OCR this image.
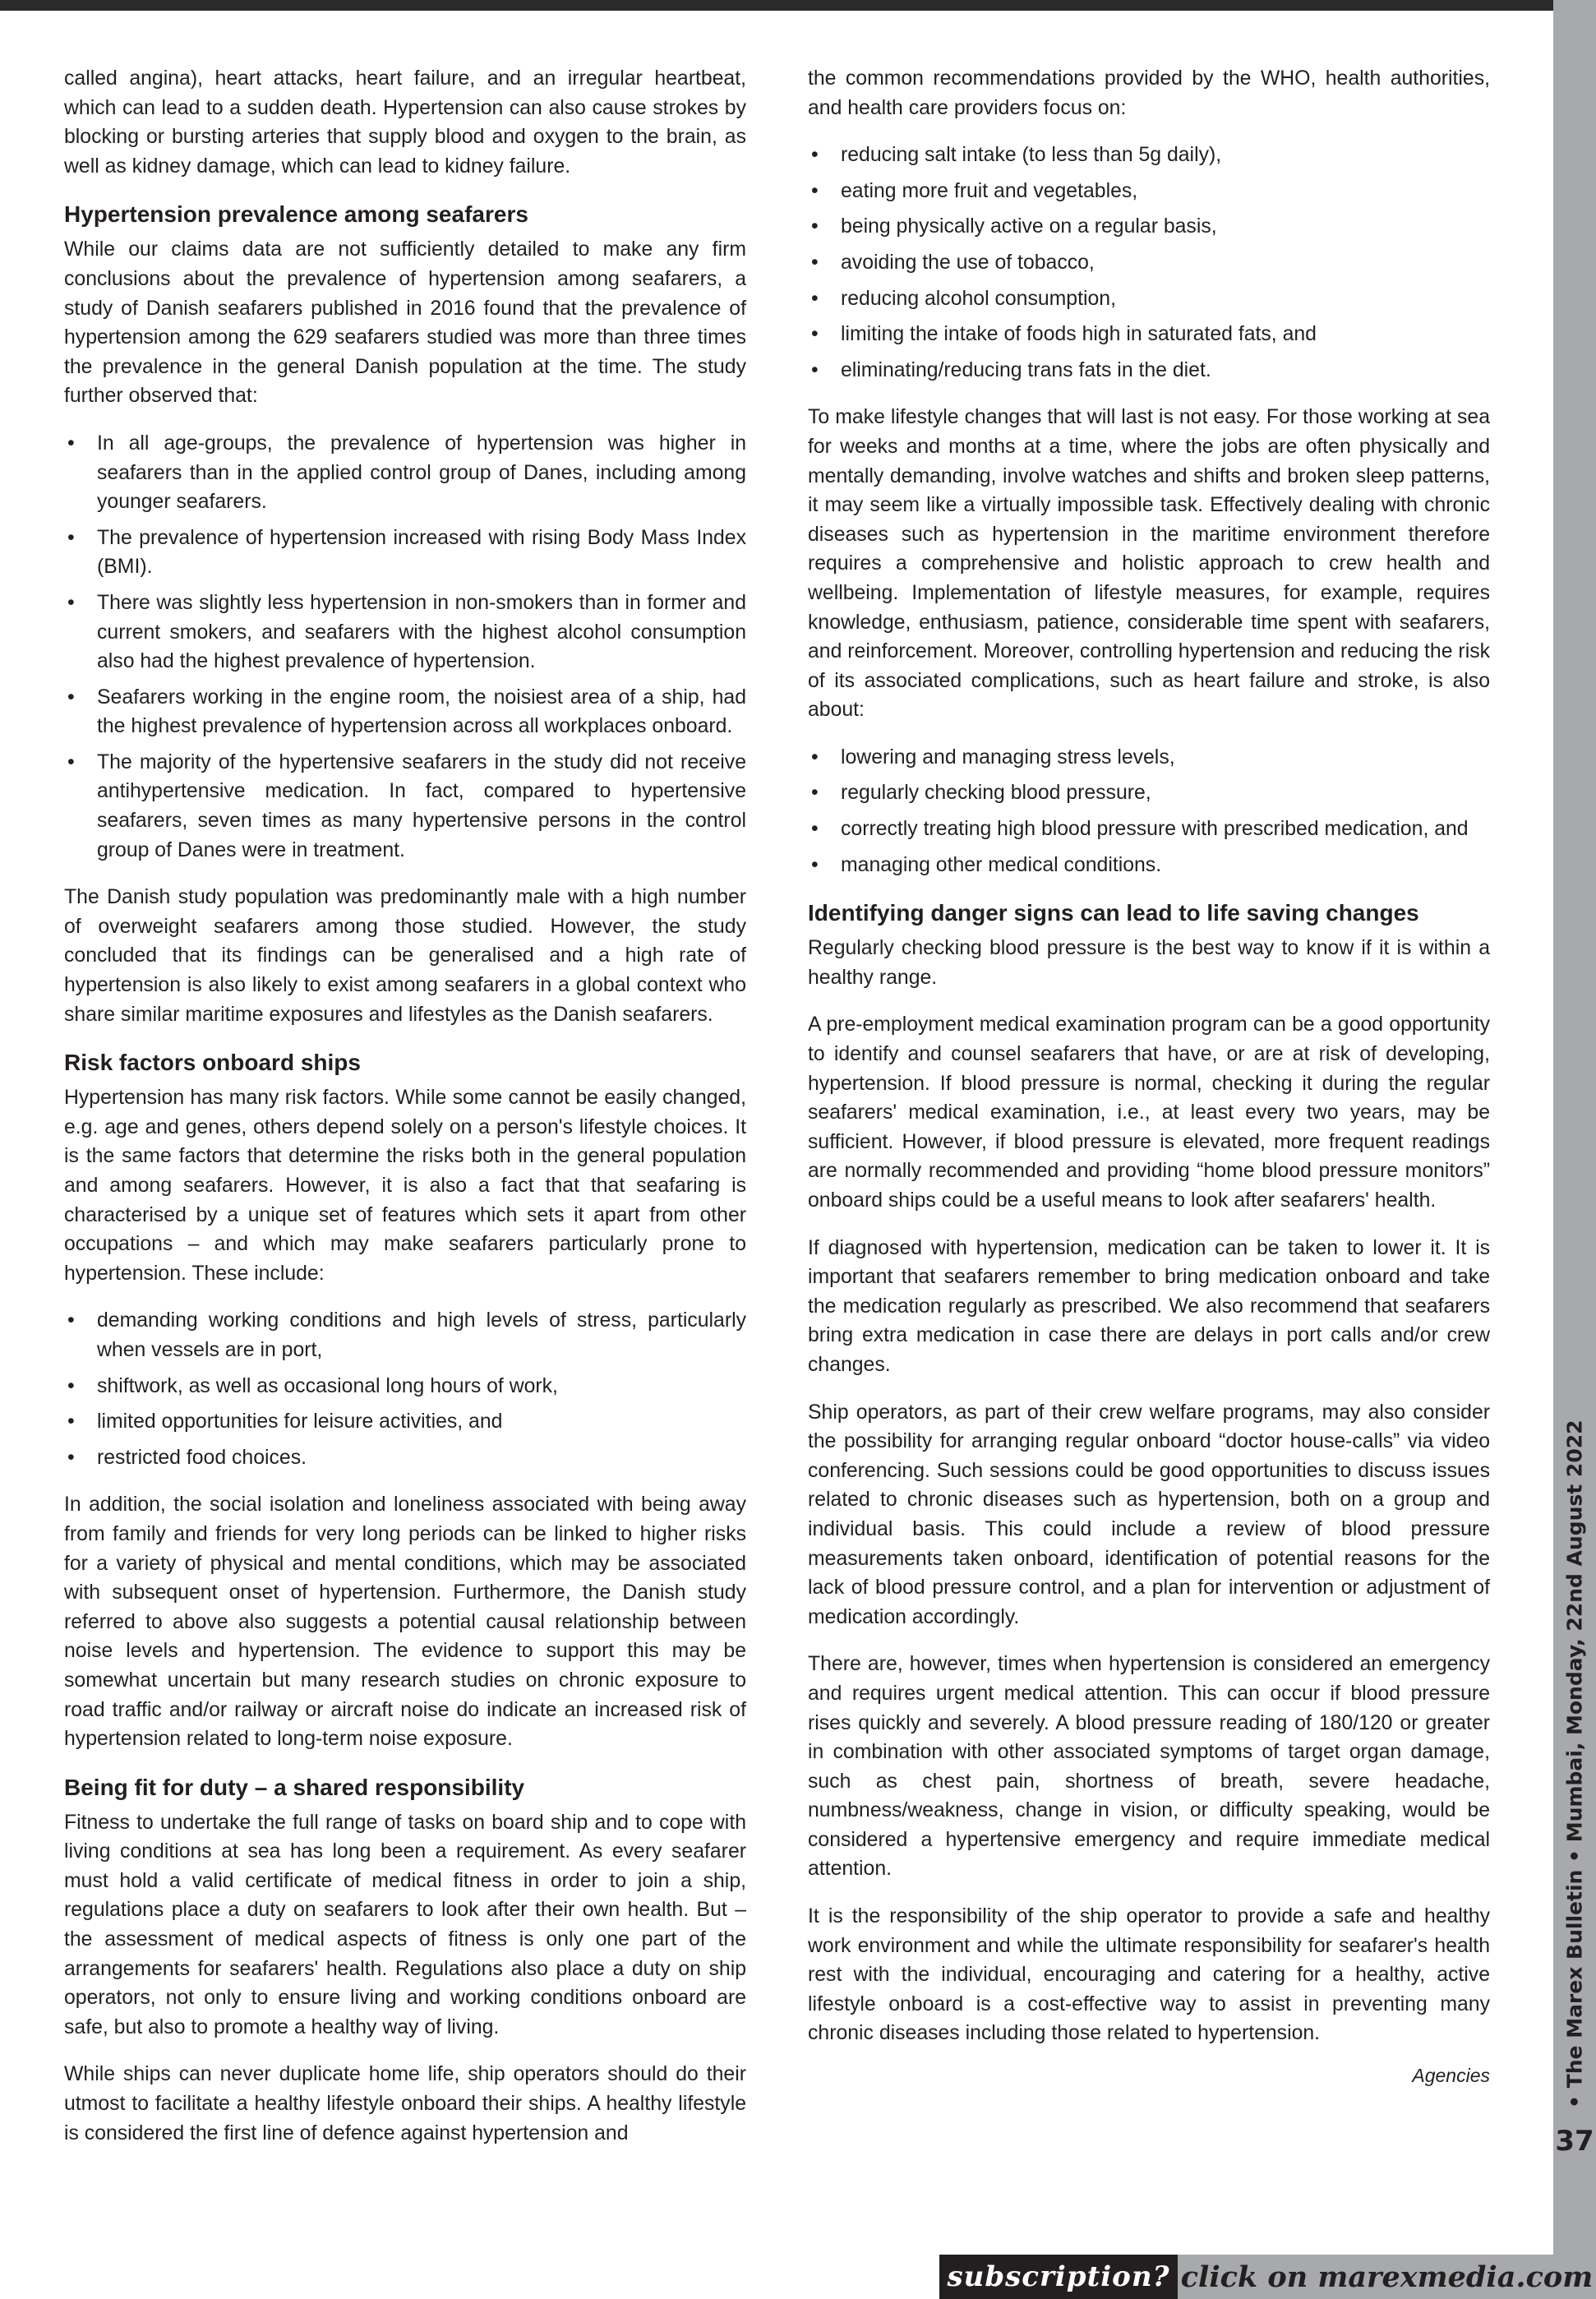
called angina), heart attacks, heart failure, and an irregular heartbeat, which can lead to a sudden death. Hypertension can also cause strokes by blocking or bursting arteries that supply blood and oxygen to the brain, as well as kidney damage, which can lead to kidney failure.

Hypertension prevalence among seafarers

While our claims data are not sufficiently detailed to make any firm conclusions about the prevalence of hypertension among seafarers, a study of Danish seafarers published in 2016 found that the prevalence of hypertension among the 629 seafarers studied was more than three times the prevalence in the general Danish population at the time. The study further observed that:

• In all age-groups, the prevalence of hypertension was higher in seafarers than in the applied control group of Danes, including among younger seafarers.
• The prevalence of hypertension increased with rising Body Mass Index (BMI).
• There was slightly less hypertension in non-smokers than in former and current smokers, and seafarers with the highest alcohol consumption also had the highest prevalence of hypertension.
• Seafarers working in the engine room, the noisiest area of a ship, had the highest prevalence of hypertension across all workplaces onboard.
• The majority of the hypertensive seafarers in the study did not receive antihypertensive medication. In fact, compared to hypertensive seafarers, seven times as many hypertensive persons in the control group of Danes were in treatment.

The Danish study population was predominantly male with a high number of overweight seafarers among those studied. However, the study concluded that its findings can be generalised and a high rate of hypertension is also likely to exist among seafarers in a global context who share similar maritime exposures and lifestyles as the Danish seafarers.

Risk factors onboard ships

Hypertension has many risk factors. While some cannot be easily changed, e.g. age and genes, others depend solely on a person's lifestyle choices. It is the same factors that determine the risks both in the general population and among seafarers. However, it is also a fact that that seafaring is characterised by a unique set of features which sets it apart from other occupations – and which may make seafarers particularly prone to hypertension. These include:

• demanding working conditions and high levels of stress, particularly when vessels are in port,
• shiftwork, as well as occasional long hours of work,
• limited opportunities for leisure activities, and
• restricted food choices.

In addition, the social isolation and loneliness associated with being away from family and friends for very long periods can be linked to higher risks for a variety of physical and mental conditions, which may be associated with subsequent onset of hypertension. Furthermore, the Danish study referred to above also suggests a potential causal relationship between noise levels and hypertension. The evidence to support this may be somewhat uncertain but many research studies on chronic exposure to road traffic and/or railway or aircraft noise do indicate an increased risk of hypertension related to long-term noise exposure.

Being fit for duty – a shared responsibility

Fitness to undertake the full range of tasks on board ship and to cope with living conditions at sea has long been a requirement. As every seafarer must hold a valid certificate of medical fitness in order to join a ship, regulations place a duty on seafarers to look after their own health. But – the assessment of medical aspects of fitness is only one part of the arrangements for seafarers' health. Regulations also place a duty on ship operators, not only to ensure living and working conditions onboard are safe, but also to promote a healthy way of living.

While ships can never duplicate home life, ship operators should do their utmost to facilitate a healthy lifestyle onboard their ships. A healthy lifestyle is considered the first line of defence against hypertension and

the common recommendations provided by the WHO, health authorities, and health care providers focus on:

• reducing salt intake (to less than 5g daily),
• eating more fruit and vegetables,
• being physically active on a regular basis,
• avoiding the use of tobacco,
• reducing alcohol consumption,
• limiting the intake of foods high in saturated fats, and
• eliminating/reducing trans fats in the diet.

To make lifestyle changes that will last is not easy. For those working at sea for weeks and months at a time, where the jobs are often physically and mentally demanding, involve watches and shifts and broken sleep patterns, it may seem like a virtually impossible task. Effectively dealing with chronic diseases such as hypertension in the maritime environment therefore requires a comprehensive and holistic approach to crew health and wellbeing. Implementation of lifestyle measures, for example, requires knowledge, enthusiasm, patience, considerable time spent with seafarers, and reinforcement. Moreover, controlling hypertension and reducing the risk of its associated complications, such as heart failure and stroke, is also about:

• lowering and managing stress levels,
• regularly checking blood pressure,
• correctly treating high blood pressure with prescribed medication, and
• managing other medical conditions.
Identifying danger signs can lead to life saving changes

Regularly checking blood pressure is the best way to know if it is within a healthy range.

A pre-employment medical examination program can be a good opportunity to identify and counsel seafarers that have, or are at risk of developing, hypertension. If blood pressure is normal, checking it during the regular seafarers' medical examination, i.e., at least every two years, may be sufficient. However, if blood pressure is elevated, more frequent readings are normally recommended and providing “home blood pressure monitors” onboard ships could be a useful means to look after seafarers' health.

If diagnosed with hypertension, medication can be taken to lower it. It is important that seafarers remember to bring medication onboard and take the medication regularly as prescribed. We also recommend that seafarers bring extra medication in case there are delays in port calls and/or crew changes.

Ship operators, as part of their crew welfare programs, may also consider the possibility for arranging regular onboard “doctor house-calls” via video conferencing. Such sessions could be good opportunities to discuss issues related to chronic diseases such as hypertension, both on a group and individual basis. This could include a review of blood pressure measurements taken onboard, identification of potential reasons for the lack of blood pressure control, and a plan for intervention or adjustment of medication accordingly.

There are, however, times when hypertension is considered an emergency and requires urgent medical attention. This can occur if blood pressure rises quickly and severely. A blood pressure reading of 180/120 or greater in combination with other associated symptoms of target organ damage, such as chest pain, shortness of breath, severe headache, numbness/weakness, change in vision, or difficulty speaking, would be considered a hypertensive emergency and require immediate medical attention.

It is the responsibility of the ship operator to provide a safe and healthy work environment and while the ultimate responsibility for seafarer's health rest with the individual, encouraging and catering for a healthy, active lifestyle onboard is a cost-effective way to assist in preventing many chronic diseases including those related to hypertension.

Agencies	• The Marex Bulletin • Mumbai, Monday, 22nd August 2022
37
subscription? click on marexmedia.com
